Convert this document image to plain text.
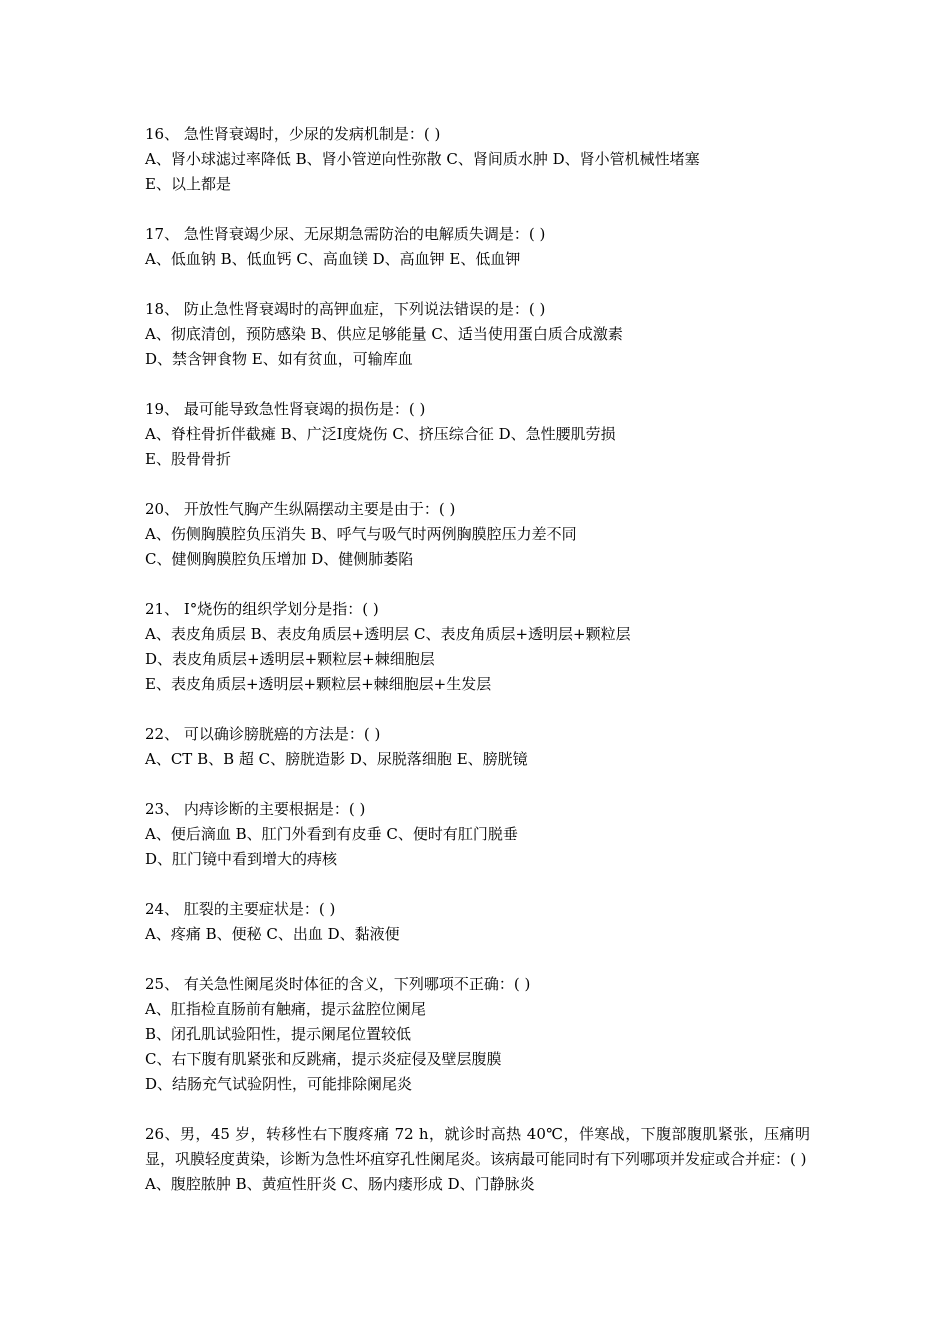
16、 急性肾衰竭时，少尿的发病机制是：( )
A、肾小球滤过率降低 B、肾小管逆向性弥散 C、肾间质水肿 D、肾小管机械性堵塞
E、以上都是
17、 急性肾衰竭少尿、无尿期急需防治的电解质失调是：( )
A、低血钠 B、低血钙 C、高血镁 D、高血钾 E、低血钾
18、 防止急性肾衰竭时的高钾血症，下列说法错误的是：( )
A、彻底清创，预防感染 B、供应足够能量 C、适当使用蛋白质合成激素
D、禁含钾食物 E、如有贫血，可输库血
19、 最可能导致急性肾衰竭的损伤是：( )
A、脊柱骨折伴截瘫 B、广泛Ⅰ度烧伤 C、挤压综合征 D、急性腰肌劳损
E、股骨骨折
20、 开放性气胸产生纵隔摆动主要是由于：( )
A、伤侧胸膜腔负压消失 B、呼气与吸气时两例胸膜腔压力差不同
C、健侧胸膜腔负压增加 D、健侧肺萎陷
21、 Ⅰ°烧伤的组织学划分是指：( )
A、表皮角质层 B、表皮角质层+透明层 C、表皮角质层+透明层+颗粒层
D、表皮角质层+透明层+颗粒层+棘细胞层
E、表皮角质层+透明层+颗粒层+棘细胞层+生发层
22、 可以确诊膀胱癌的方法是：( )
A、CT B、B 超 C、膀胱造影 D、尿脱落细胞 E、膀胱镜
23、 内痔诊断的主要根据是：( )
A、便后滴血 B、肛门外看到有皮垂 C、便时有肛门脱垂
D、肛门镜中看到增大的痔核
24、 肛裂的主要症状是：( )
A、疼痛 B、便秘 C、出血 D、黏液便
25、 有关急性阑尾炎时体征的含义，下列哪项不正确：( )
A、肛指检直肠前有触痛，提示盆腔位阑尾
B、闭孔肌试验阳性，提示阑尾位置较低
C、右下腹有肌紧张和反跳痛，提示炎症侵及壁层腹膜
D、结肠充气试验阴性，可能排除阑尾炎
26、男，45 岁，转移性右下腹疼痛 72 h，就诊时高热 40℃，伴寒战，下腹部腹肌紧张，压痛明显，巩膜轻度黄染，诊断为急性坏疽穿孔性阑尾炎。该病最可能同时有下列哪项并发症或合并症：( )
A、腹腔脓肿 B、黄疸性肝炎 C、肠内瘘形成 D、门静脉炎
